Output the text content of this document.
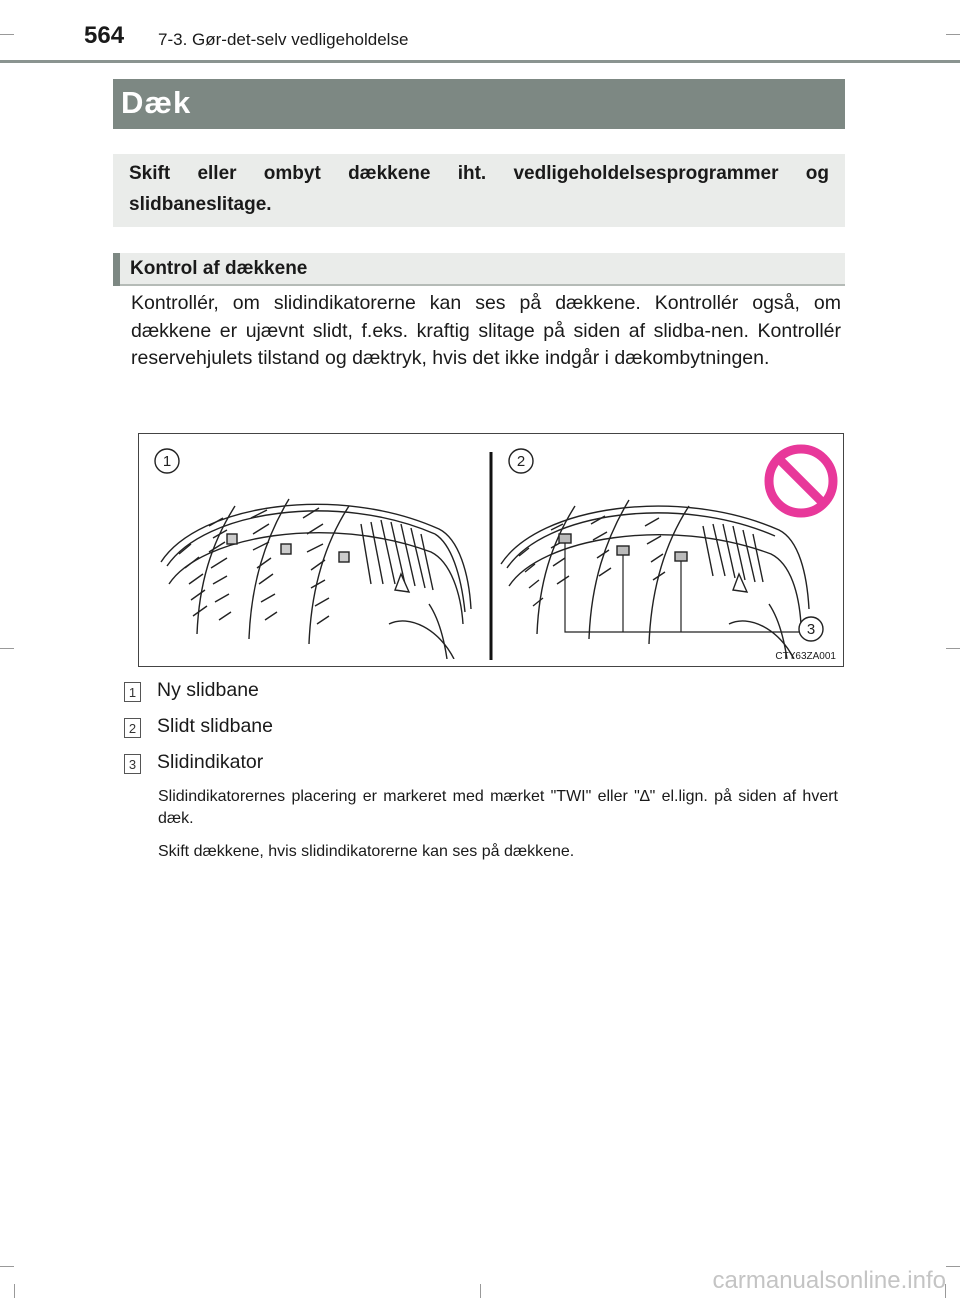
564 7-3. Gør-det-selv vedligeholdelse
Dæk

Skift eller ombyt dækkene iht. vedligeholdelsesprogrammer og slidbaneslitage.

Kontrol af dækkene

Kontrollér, om slidindikatorerne kan ses på dækkene. Kontrollér også, om dækkene er ujævnt slidt, f.eks. kraftig slitage på siden af slidba-nen. Kontrollér reservehjulets tilstand og dæktryk, hvis det ikke indgår i dækombytningen.

1	2
3
CTY63ZA001
1 Ny slidbane
2 Slidt slidbane
3 Slidindikator

Slidindikatorernes placering er markeret med mærket "TWI" eller "∆" el.lign. på siden af hvert dæk.

Skift dækkene, hvis slidindikatorerne kan ses på dækkene.

carmanualsonline.info
